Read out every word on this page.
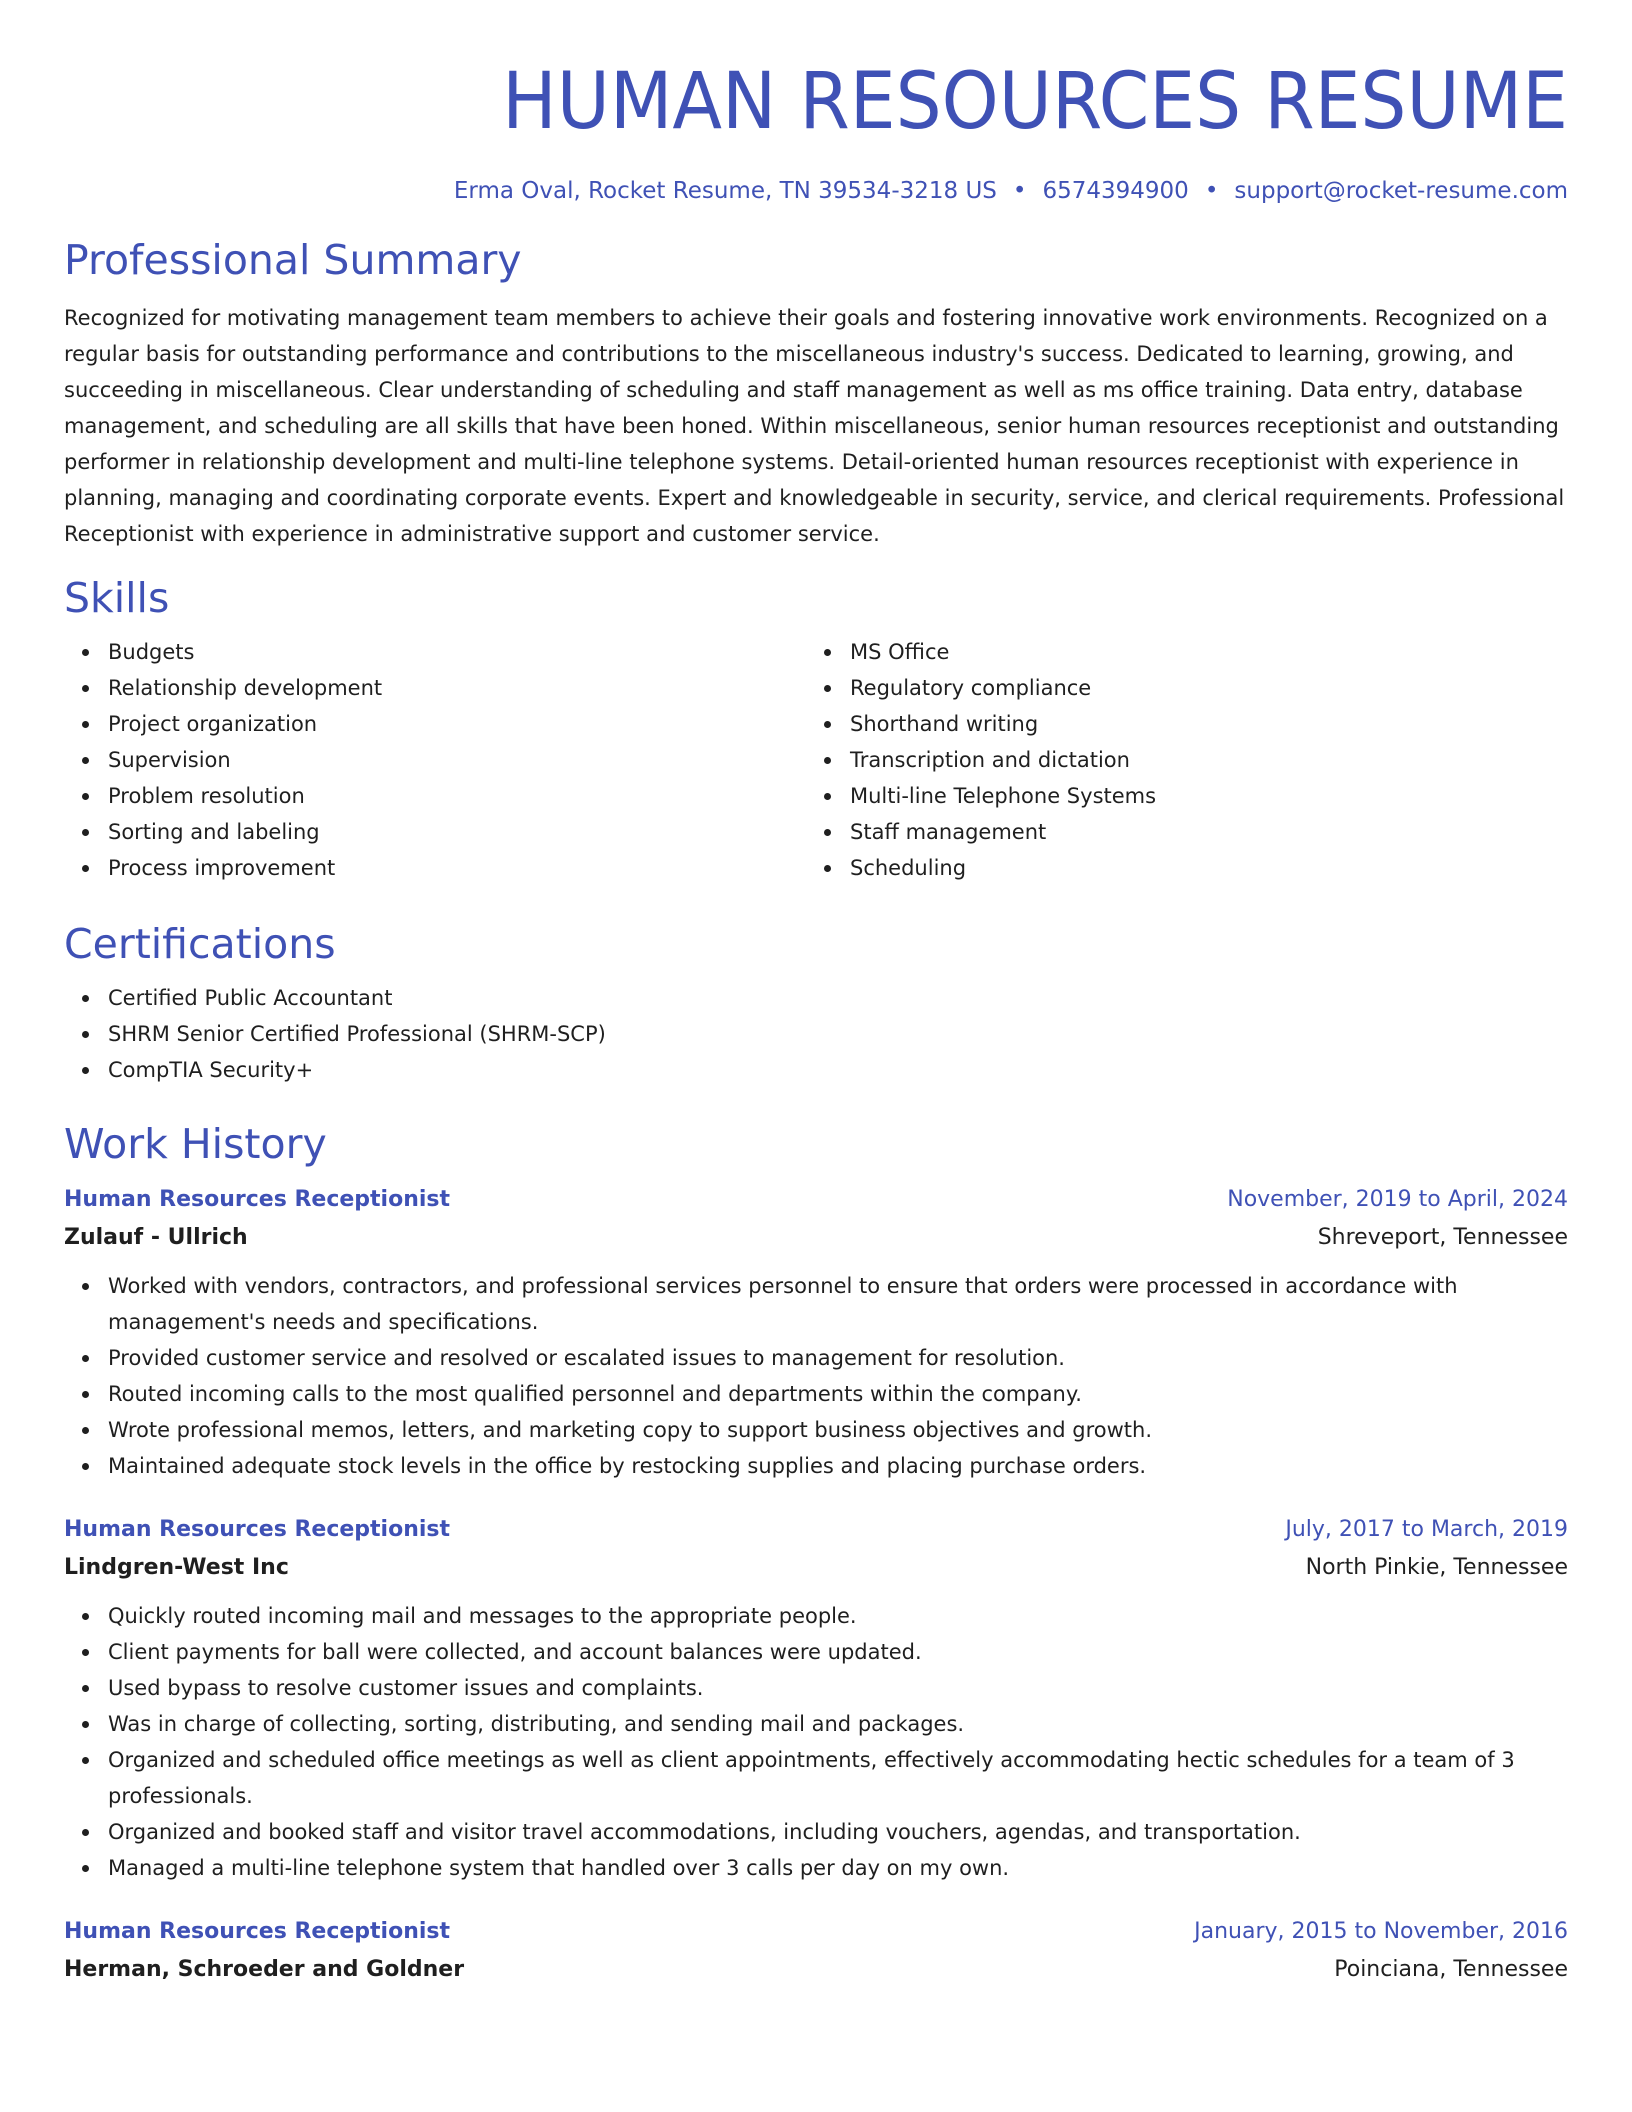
HUMAN RESOURCES RESUME
Erma Oval, Rocket Resume, TN 39534-3218 US • 6574394900 • support@rocket-resume.com
Professional Summary

Recognized for motivating management team members to achieve their goals and fostering innovative work environments. Recognized on a regular basis for outstanding performance and contributions to the miscellaneous industry's success. Dedicated to learning, growing, and succeeding in miscellaneous. Clear understanding of scheduling and staff management as well as ms office training. Data entry, database management, and scheduling are all skills that have been honed. Within miscellaneous, senior human resources receptionist and outstanding performer in relationship development and multi-line telephone systems. Detail-oriented human resources receptionist with experience in planning, managing and coordinating corporate events. Expert and knowledgeable in security, service, and clerical requirements. Professional Receptionist with experience in administrative support and customer service.

Skills
Budgets
Relationship development
Project organization
Supervision
Problem resolution
Sorting and labeling
Process improvement
MS Office
Regulatory compliance
Shorthand writing
Transcription and dictation
Multi-line Telephone Systems
Staff management
Scheduling
Certifications
Certified Public Accountant
SHRM Senior Certified Professional (SHRM-SCP)
CompTIA Security+
Work History
Human Resources Receptionist	November, 2019 to April, 2024
Zulauf - Ullrich	Shreveport, Tennessee
Worked with vendors, contractors, and professional services personnel to ensure that orders were processed in accordance with management's needs and specifications.
Provided customer service and resolved or escalated issues to management for resolution.
Routed incoming calls to the most qualified personnel and departments within the company.
Wrote professional memos, letters, and marketing copy to support business objectives and growth.
Maintained adequate stock levels in the office by restocking supplies and placing purchase orders.
Human Resources Receptionist	July, 2017 to March, 2019
Lindgren-West Inc	North Pinkie, Tennessee
Quickly routed incoming mail and messages to the appropriate people.
Client payments for ball were collected, and account balances were updated.
Used bypass to resolve customer issues and complaints.
Was in charge of collecting, sorting, distributing, and sending mail and packages.
Organized and scheduled office meetings as well as client appointments, effectively accommodating hectic schedules for a team of 3 professionals.
Organized and booked staff and visitor travel accommodations, including vouchers, agendas, and transportation.
Managed a multi-line telephone system that handled over 3 calls per day on my own.
Human Resources Receptionist	January, 2015 to November, 2016
Herman, Schroeder and Goldner	Poinciana, Tennessee
